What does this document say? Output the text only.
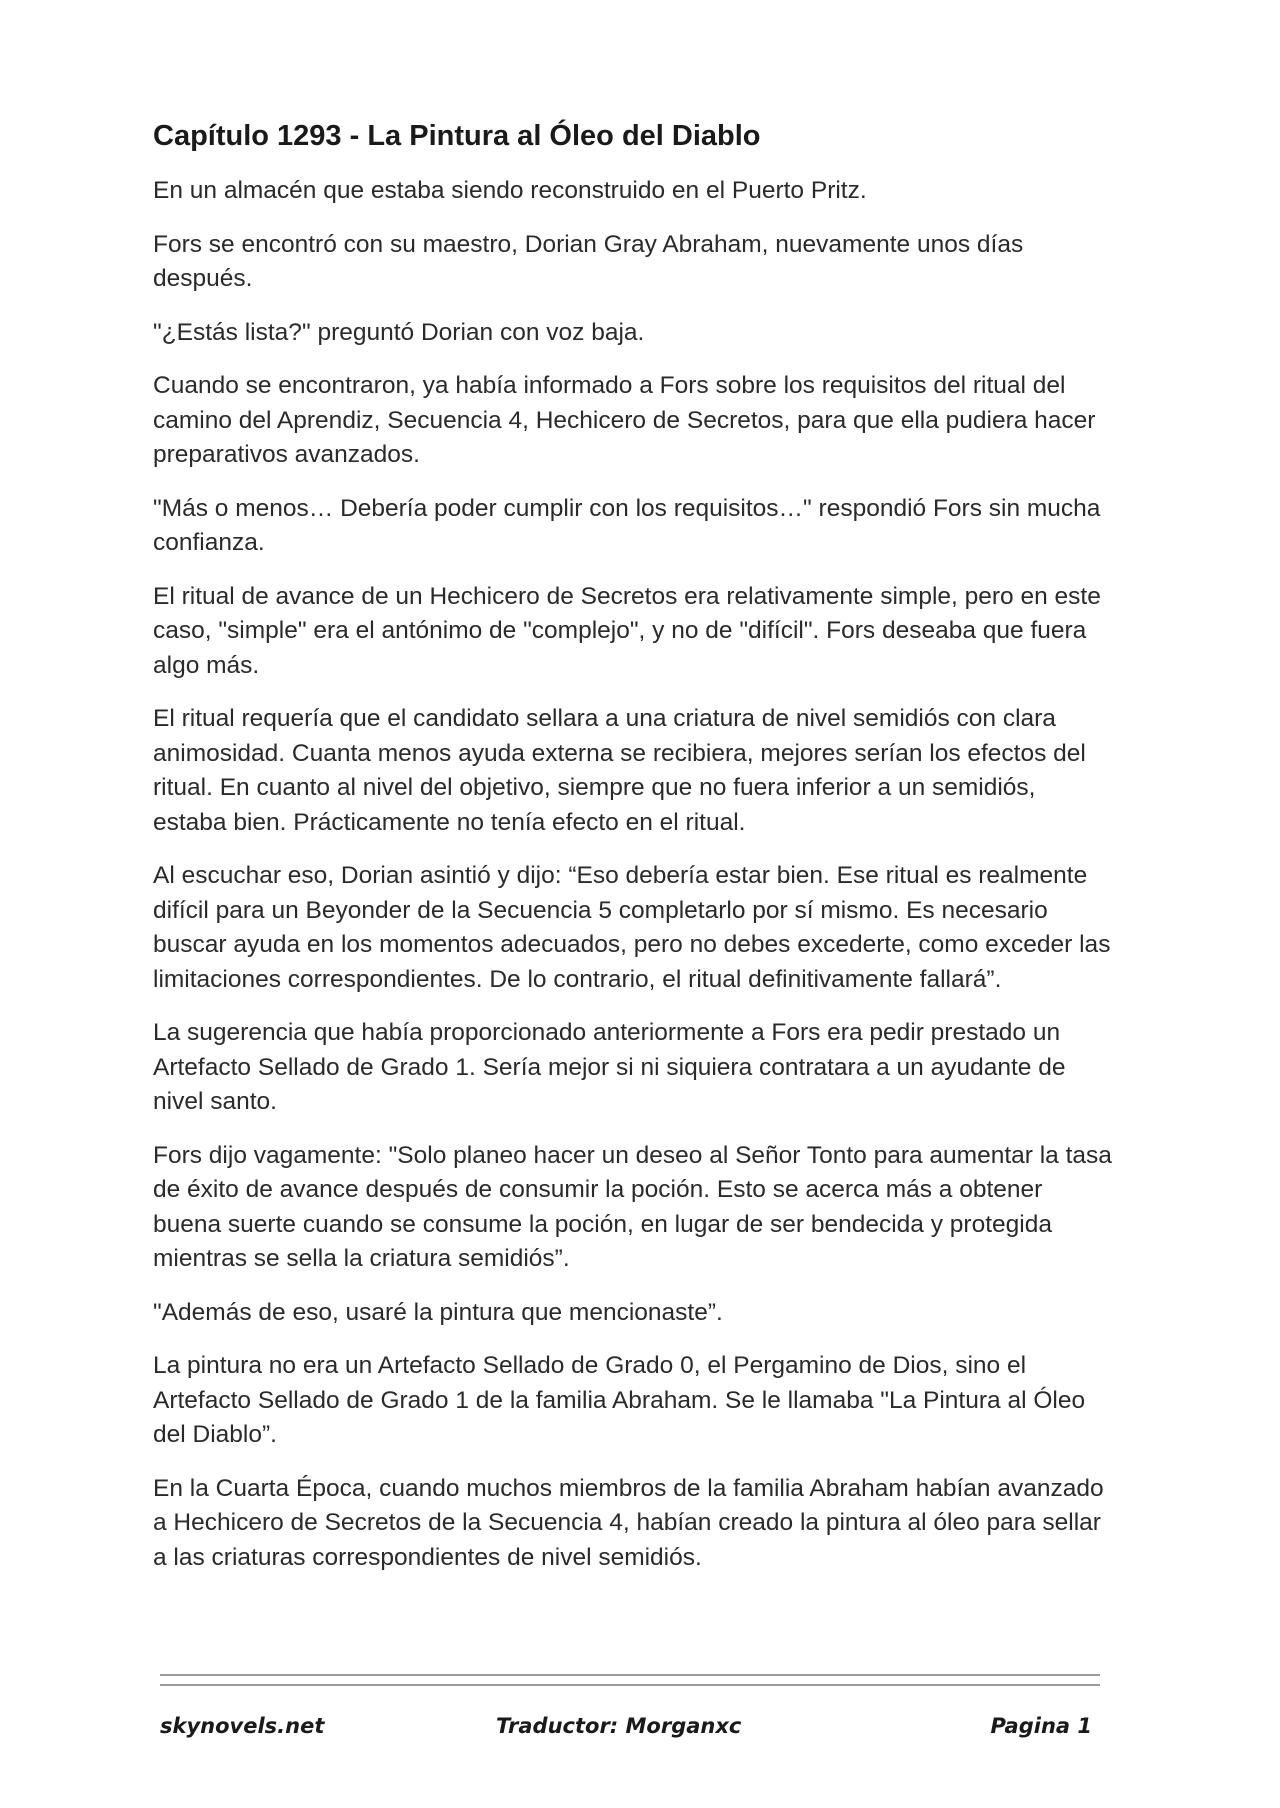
Capítulo 1293 - La Pintura al Óleo del Diablo

En un almacén que estaba siendo reconstruido en el Puerto Pritz.

Fors se encontró con su maestro, Dorian Gray Abraham, nuevamente unos días después.

"¿Estás lista?" preguntó Dorian con voz baja.

Cuando se encontraron, ya había informado a Fors sobre los requisitos del ritual del camino del Aprendiz, Secuencia 4, Hechicero de Secretos, para que ella pudiera hacer preparativos avanzados.

"Más o menos… Debería poder cumplir con los requisitos…" respondió Fors sin mucha confianza.

El ritual de avance de un Hechicero de Secretos era relativamente simple, pero en este caso, "simple" era el antónimo de "complejo", y no de "difícil". Fors deseaba que fuera algo más.

El ritual requería que el candidato sellara a una criatura de nivel semidiós con clara animosidad. Cuanta menos ayuda externa se recibiera, mejores serían los efectos del ritual. En cuanto al nivel del objetivo, siempre que no fuera inferior a un semidiós, estaba bien. Prácticamente no tenía efecto en el ritual.

Al escuchar eso, Dorian asintió y dijo: “Eso debería estar bien. Ese ritual es realmente difícil para un Beyonder de la Secuencia 5 completarlo por sí mismo. Es necesario buscar ayuda en los momentos adecuados, pero no debes excederte, como exceder las limitaciones correspondientes. De lo contrario, el ritual definitivamente fallará”.

La sugerencia que había proporcionado anteriormente a Fors era pedir prestado un Artefacto Sellado de Grado 1. Sería mejor si ni siquiera contratara a un ayudante de nivel santo.

Fors dijo vagamente: "Solo planeo hacer un deseo al Señor Tonto para aumentar la tasa de éxito de avance después de consumir la poción. Esto se acerca más a obtener buena suerte cuando se consume la poción, en lugar de ser bendecida y protegida mientras se sella la criatura semidiós”.

"Además de eso, usaré la pintura que mencionaste”.

La pintura no era un Artefacto Sellado de Grado 0, el Pergamino de Dios, sino el Artefacto Sellado de Grado 1 de la familia Abraham. Se le llamaba "La Pintura al Óleo del Diablo”.

En la Cuarta Época, cuando muchos miembros de la familia Abraham habían avanzado a Hechicero de Secretos de la Secuencia 4, habían creado la pintura al óleo para sellar a las criaturas correspondientes de nivel semidiós.

skynovels.net	Traductor: Morganxc	Pagina 1
